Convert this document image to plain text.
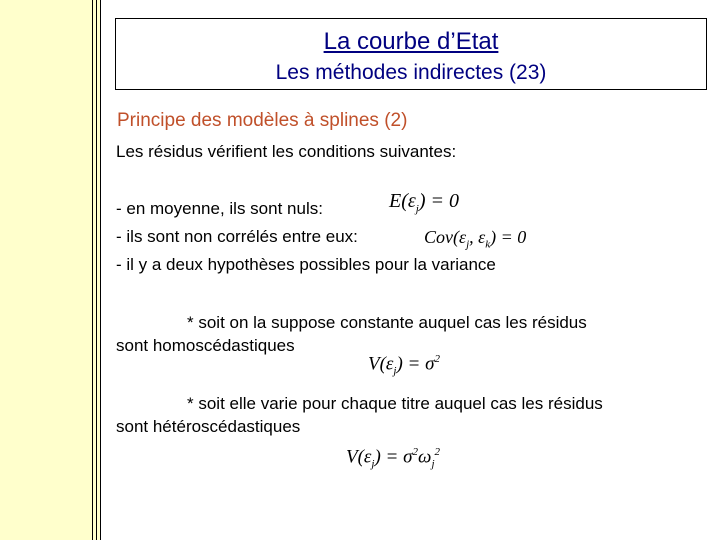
La courbe d’Etat
Les méthodes indirectes (23)
Principe des modèles à splines (2)
Les résidus vérifient les conditions suivantes:
- en moyenne, ils sont nuls:	$E(\varepsilon_j) = 0$
- ils sont non corrélés entre eux:	$Cov(\varepsilon_j$, $\varepsilon_k) = 0$
- il y a deux hypothèses possibles pour la variance
* soit on la suppose constante auquel cas les résidus
sont homoscédastiques
$V(\varepsilon_j) = \sigma^2$
* soit elle varie pour chaque titre auquel cas les résidus
sont hétéroscédastiques
$V(\varepsilon_j) = \sigma^2\omega_j^2$
